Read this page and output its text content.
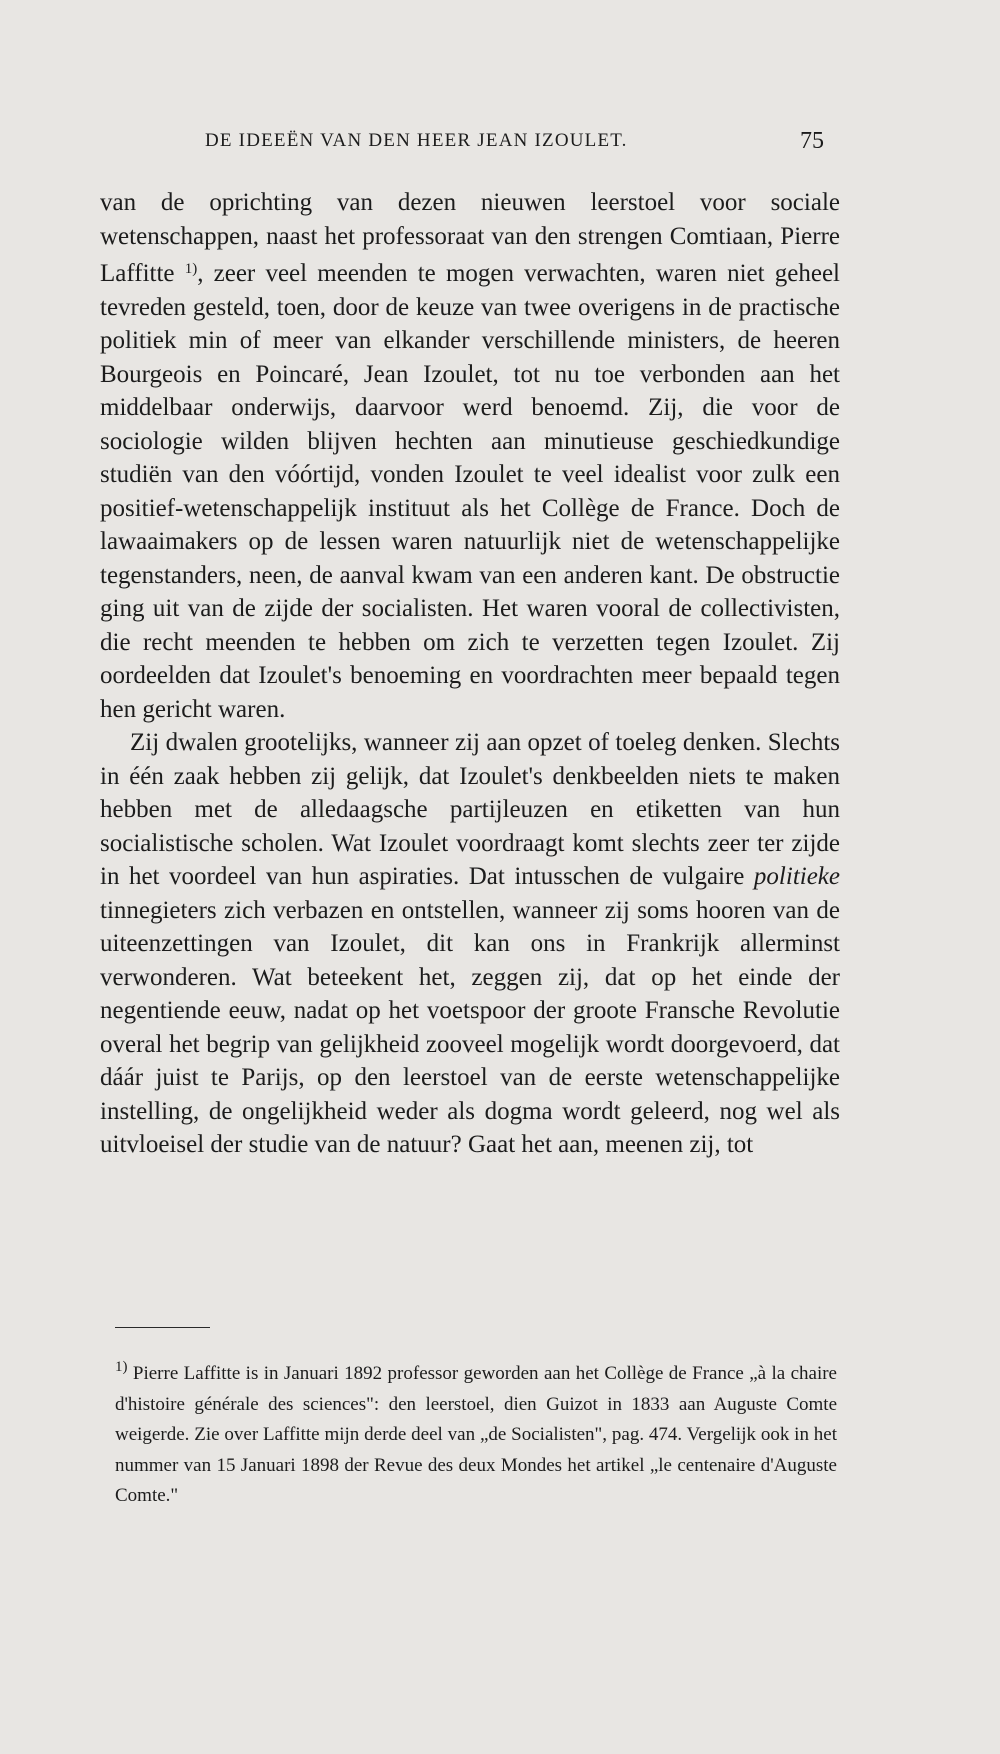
DE IDEEËN VAN DEN HEER JEAN IZOULET.	75

van de oprichting van dezen nieuwen leerstoel voor sociale wetenschappen, naast het professoraat van den strengen Comtiaan, Pierre Laffitte $^{1)}$, zeer veel meenden te mogen verwachten, waren niet geheel tevreden gesteld, toen, door de keuze van twee overigens in de practische politiek min of meer van elkander verschillende ministers, de heeren Bourgeois en Poincaré, Jean Izoulet, tot nu toe verbonden aan het middelbaar onderwijs, daarvoor werd benoemd. Zij, die voor de sociologie wilden blijven hechten aan minutieuse geschiedkundige studiën van den vóórtijd, vonden Izoulet te veel idealist voor zulk een positief-wetenschappelijk instituut als het Collège de France. Doch de lawaaimakers op de lessen waren natuurlijk niet de wetenschappelijke tegenstanders, neen, de aanval kwam van een anderen kant. De obstructie ging uit van de zijde der socialisten. Het waren vooral de collectivisten, die recht meenden te hebben om zich te verzetten tegen Izoulet. Zij oordeelden dat Izoulet's benoeming en voordrachten meer bepaald tegen hen gericht waren.

Zij dwalen grootelijks, wanneer zij aan opzet of toeleg denken. Slechts in één zaak hebben zij gelijk, dat Izoulet's denkbeelden niets te maken hebben met de alledaagsche partijleuzen en etiketten van hun socialistische scholen. Wat Izoulet voordraagt komt slechts zeer ter zijde in het voordeel van hun aspiraties. Dat intusschen de vulgaire politieke tinnegieters zich verbazen en ontstellen, wanneer zij soms hooren van de uiteenzettingen van Izoulet, dit kan ons in Frankrijk allerminst verwonderen. Wat beteekent het, zeggen zij, dat op het einde der negentiende eeuw, nadat op het voetspoor der groote Fransche Revolutie overal het begrip van gelijkheid zooveel mogelijk wordt doorgevoerd, dat dáár juist te Parijs, op den leerstoel van de eerste wetenschappelijke instelling, de ongelijkheid weder als dogma wordt geleerd, nog wel als uitvloeisel der studie van de natuur? Gaat het aan, meenen zij, tot

$^{1)}$ Pierre Laffitte is in Januari 1892 professor geworden aan het Collège de France „à la chaire d'histoire générale des sciences": den leerstoel, dien Guizot in 1833 aan Auguste Comte weigerde. Zie over Laffitte mijn derde deel van „de Socialisten", pag. 474. Vergelijk ook in het nummer van 15 Januari 1898 der Revue des deux Mondes het artikel „le centenaire d'Auguste Comte."
